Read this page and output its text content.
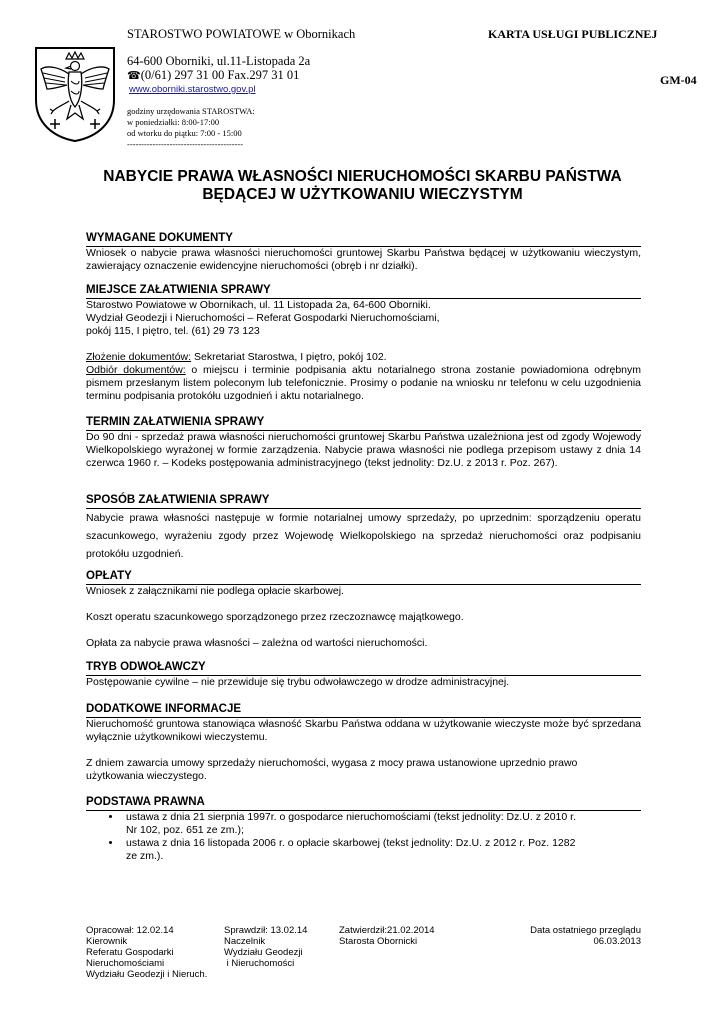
STAROSTWO POWIATOWE w Obornikach	KARTA USŁUGI PUBLICZNEJ
GM-04
64-600 Oborniki, ul.11-Listopada 2a
☎(0/61) 297 31 00 Fax.297 31 01
www.oborniki.starostwo.gov.pl
godziny urzędowania STAROSTWA:
w poniedziałki: 8:00-17:00
od wtorku do piątku: 7:00 - 15:00
-----------------------------------------
NABYCIE PRAWA WŁASNOŚCI NIERUCHOMOŚCI SKARBU PAŃSTWA
BĘDĄCEJ W UŻYTKOWANIU WIECZYSTYM
WYMAGANE DOKUMENTY

Wniosek o nabycie prawa własności nieruchomości gruntowej Skarbu Państwa będącej w użytkowaniu wieczystym, zawierający oznaczenie ewidencyjne nieruchomości (obręb i nr działki).

MIEJSCE ZAŁATWIENIA SPRAWY

Starostwo Powiatowe w Obornikach, ul. 11 Listopada 2a, 64-600 Oborniki.

Wydział Geodezji i Nieruchomości – Referat Gospodarki Nieruchomościami,

pokój 115, I piętro, tel. (61) 29 73 123

Złożenie dokumentów: Sekretariat Starostwa, I piętro, pokój 102.

Odbiór dokumentów: o miejscu i terminie podpisania aktu notarialnego strona zostanie powiadomiona odrębnym pismem przesłanym listem poleconym lub telefonicznie. Prosimy o podanie na wniosku nr telefonu w celu uzgodnienia terminu podpisania protokółu uzgodnień i aktu notarialnego.

TERMIN ZAŁATWIENIA SPRAWY

Do 90 dni - sprzedaż prawa własności nieruchomości gruntowej Skarbu Państwa uzależniona jest od zgody Wojewody Wielkopolskiego wyrażonej w formie zarządzenia. Nabycie prawa własności nie podlega przepisom ustawy z dnia 14 czerwca 1960 r. – Kodeks postępowania administracyjnego (tekst jednolity: Dz.U. z 2013 r. Poz. 267).

SPOSÓB ZAŁATWIENIA SPRAWY

Nabycie prawa własności następuje w formie notarialnej umowy sprzedaży, po uprzednim: sporządzeniu operatu szacunkowego, wyrażeniu zgody przez Wojewodę Wielkopolskiego na sprzedaż nieruchomości oraz podpisaniu protokółu uzgodnień.

OPŁATY

Wniosek z załącznikami nie podlega opłacie skarbowej.

Koszt operatu szacunkowego sporządzonego przez rzeczoznawcę majątkowego.

Opłata za nabycie prawa własności – zależna od wartości nieruchomości.

TRYB ODWOŁAWCZY

Postępowanie cywilne – nie przewiduje się trybu odwoławczego w drodze administracyjnej.

DODATKOWE INFORMACJE

Nieruchomość gruntowa stanowiąca własność Skarbu Państwa oddana w użytkowanie wieczyste może być sprzedana wyłącznie użytkownikowi wieczystemu.

Z dniem zawarcia umowy sprzedaży nieruchomości, wygasa z mocy prawa ustanowione uprzednio prawo

użytkowania wieczystego.

PODSTAWA PRAWNA
• ustawa z dnia 21 sierpnia 1997r. o gospodarce nieruchomościami (tekst jednolity: Dz.U. z 2010 r.
Nr 102, poz. 651 ze zm.);
• ustawa z dnia 16 listopada 2006 r. o opłacie skarbowej (tekst jednolity: Dz.U. z 2012 r. Poz. 1282
ze zm.).
Opracował: 12.02.14
Kierownik
Referatu Gospodarki
Nieruchomościami
Wydziału Geodezji i Nieruch.
Sprawdził: 13.02.14
Naczelnik
Wydziału Geodezji
i Nieruchomości
Zatwierdził:21.02.2014
Starosta Obornicki
Data ostatniego przeglądu
06.03.2013
